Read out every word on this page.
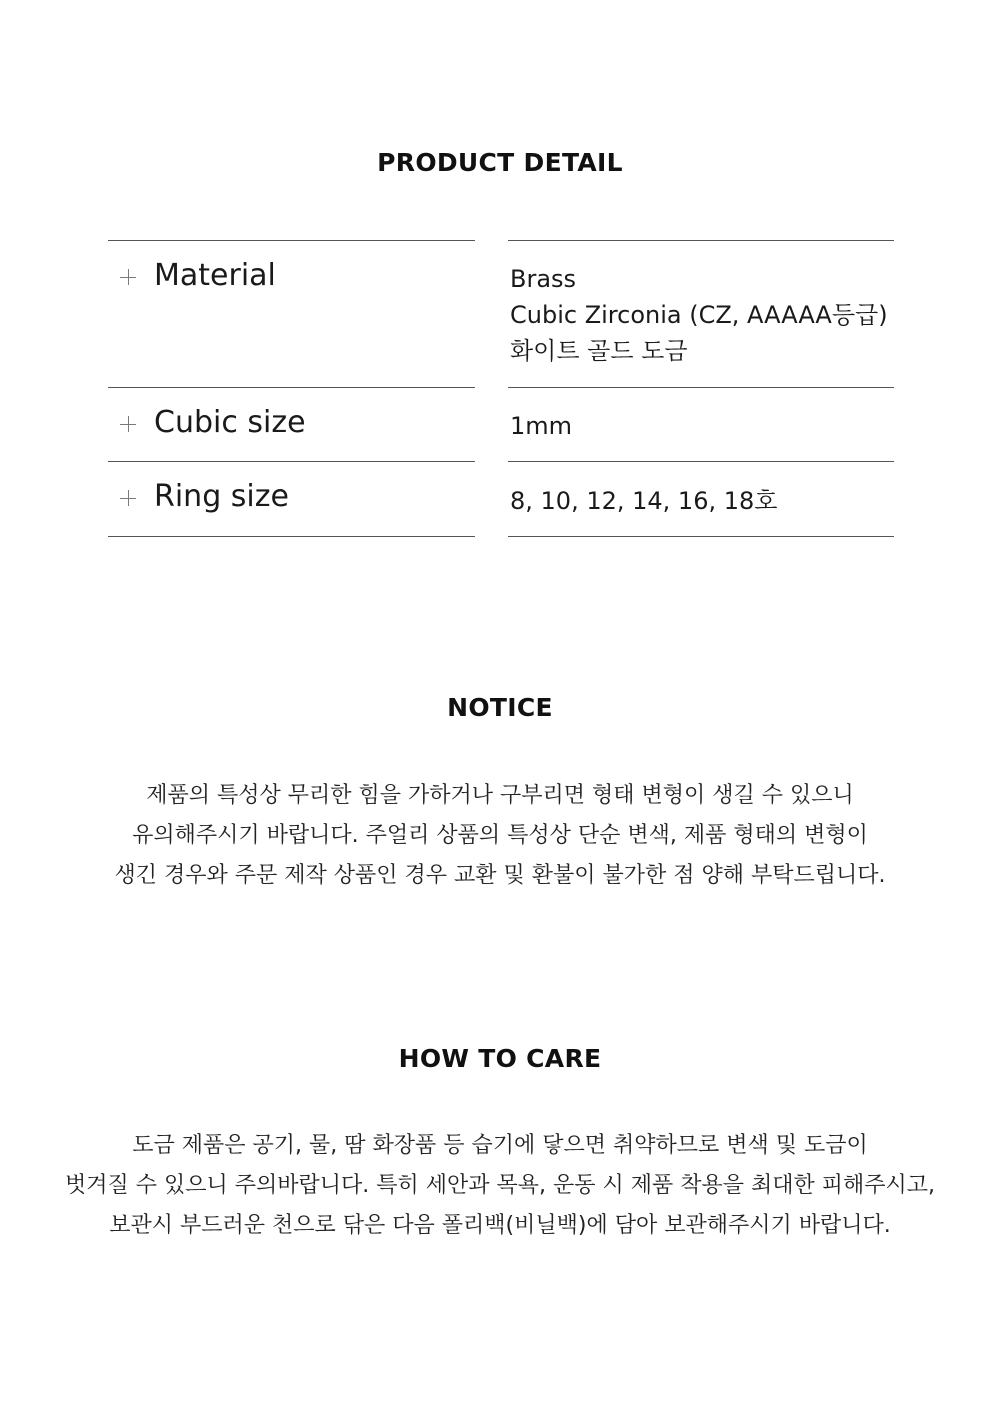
PRODUCT DETAIL
Material	Brass
Cubic Zirconia (CZ, AAAAA등급)
화이트 골드 도금
Cubic size	1mm
Ring size	8, 10, 12, 14, 16, 18호
NOTICE
제품의 특성상 무리한 힘을 가하거나 구부리면 형태 변형이 생길 수 있으니
유의해주시기 바랍니다. 주얼리 상품의 특성상 단순 변색, 제품 형태의 변형이
생긴 경우와 주문 제작 상품인 경우 교환 및 환불이 불가한 점 양해 부탁드립니다.
HOW TO CARE
도금 제품은 공기, 물, 땀 화장품 등 습기에 닿으면 취약하므로 변색 및 도금이
벗겨질 수 있으니 주의바랍니다. 특히 세안과 목욕, 운동 시 제품 착용을 최대한 피해주시고,
보관시 부드러운 천으로 닦은 다음 폴리백(비닐백)에 담아 보관해주시기 바랍니다.
